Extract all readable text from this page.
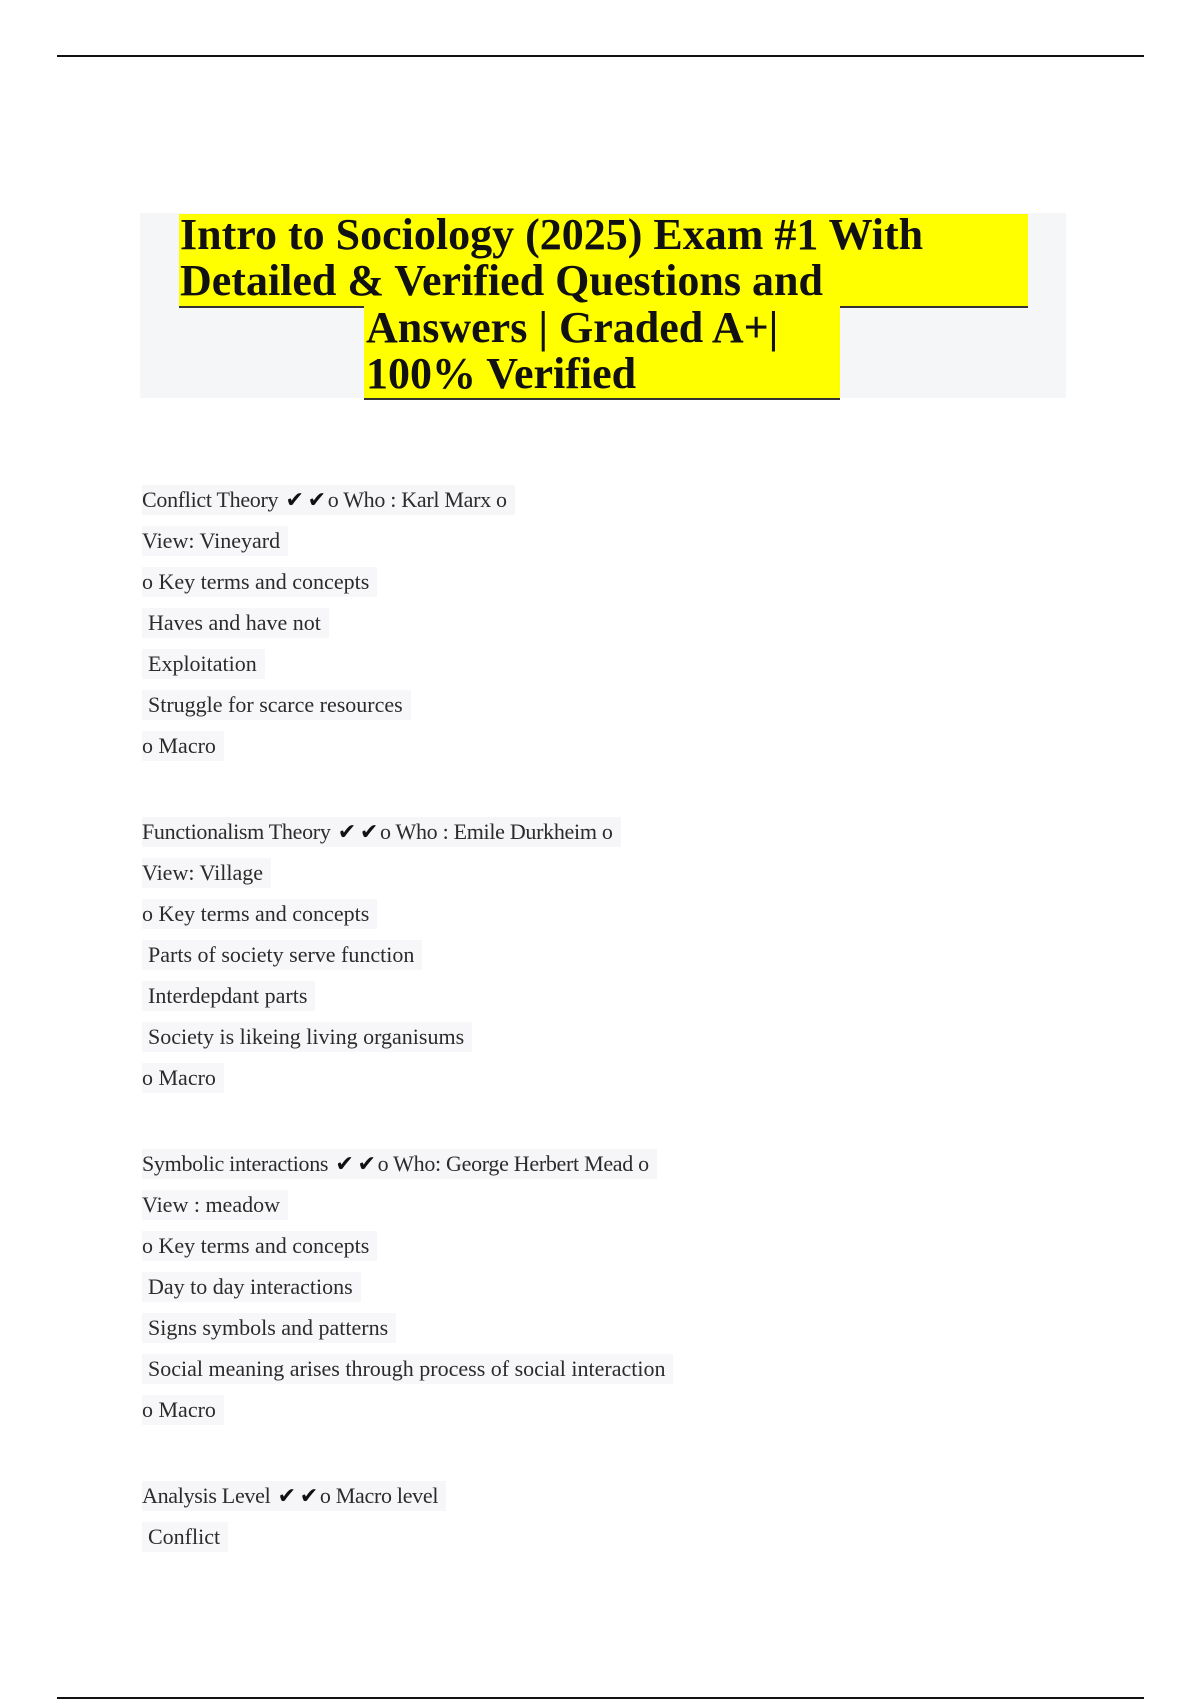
Intro to Sociology (2025) Exam #1 With
Detailed & Verified Questions and
Answers | Graded A+|
100% Verified
Conflict Theory ✔ ✔o Who : Karl Marx o
View: Vineyard
o Key terms and concepts
Haves and have not
Exploitation
Struggle for scarce resources
o Macro
Functionalism Theory ✔ ✔o Who : Emile Durkheim o
View: Village
o Key terms and concepts
Parts of society serve function
Interdepdant parts
Society is likeing living organisums
o Macro
Symbolic interactions ✔ ✔o Who: George Herbert Mead o
View : meadow
o Key terms and concepts
Day to day interactions
Signs symbols and patterns
Social meaning arises through process of social interaction
o Macro
Analysis Level ✔ ✔o Macro level
Conflict
